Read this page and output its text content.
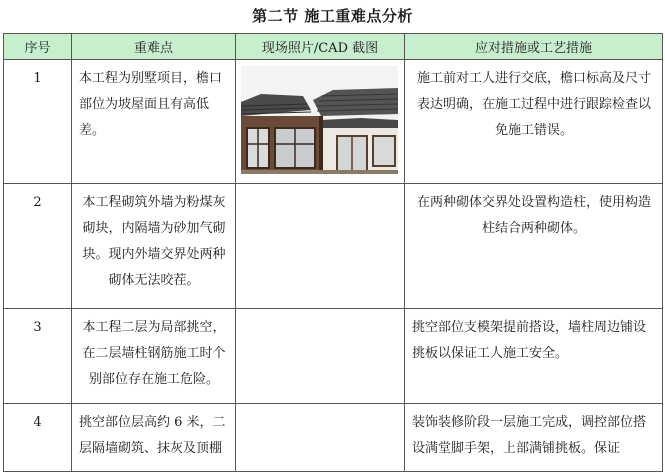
第二节 施工重难点分析
序号	重难点	现场照片/CAD 截图	应对措施或工艺措施

1	本工程为别墅项目，檐口部位为坡屋面且有高低差。		施工前对工人进行交底，檐口标高及尺寸表达明确，在施工过程中进行跟踪检查以免施工错误。

2	本工程砌筑外墙为粉煤灰砌块，内隔墙为砂加气砌块。现内外墙交界处两种砌体无法咬茬。		在两种砌体交界处设置构造柱，使用构造柱结合两种砌体。

3	本工程二层为局部挑空，在二层墙柱钢筋施工时个别部位存在施工危险。		挑空部位支模架提前搭设，墙柱周边铺设挑板以保证工人施工安全。

4	挑空部位层高约 6 米，二层隔墙砌筑、抹灰及顶棚		装饰装修阶段一层施工完成，调控部位搭设满堂脚手架，上部满铺挑板。保证
